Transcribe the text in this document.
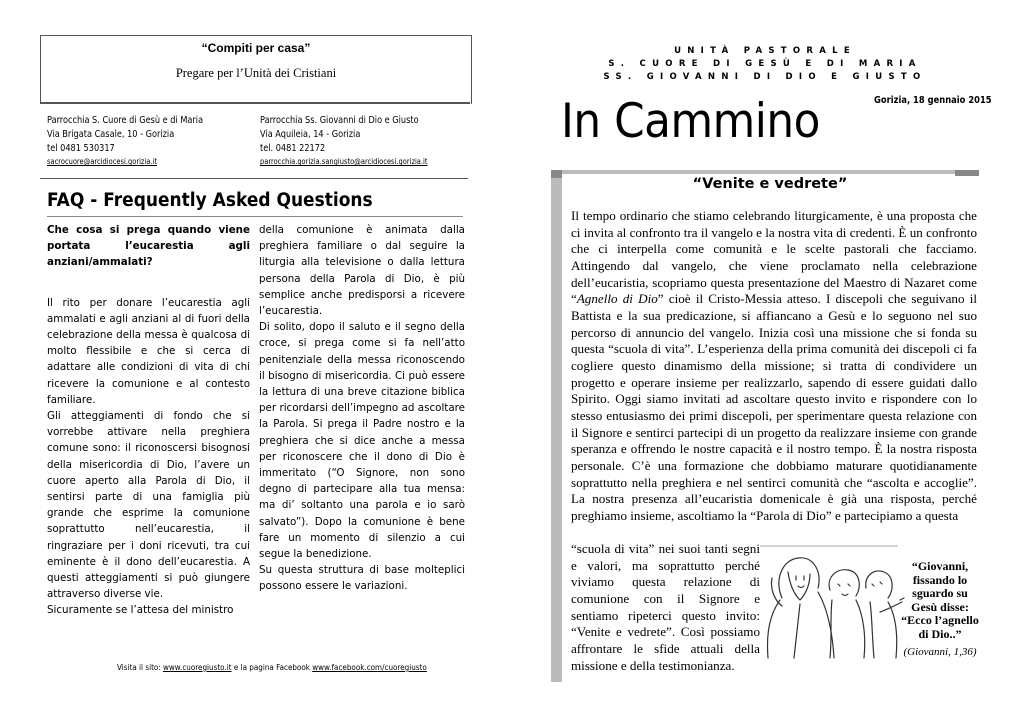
“Compiti per casa”
Pregare per l’Unità dei Cristiani
Parrocchia S. Cuore di Gesù e di Maria
Via Brigata Casale, 10 - Gorizia
tel 0481 530317
sacrocuore@arcidiocesi.gorizia.it
Parrocchia Ss. Giovanni di Dio e Giusto
Via Aquileia, 14 - Gorizia
tel. 0481 22172
parrocchia.gorizia.sangiusto@arcidiocesi.gorizia.it
FAQ - Frequently Asked Questions

Che cosa si prega quando viene portata l’eucarestia agli anziani/ammalati?

Il rito per donare l’eucarestia agli ammalati e agli anziani al di fuori della celebrazione della messa è qualcosa di molto flessibile e che si cerca di adattare alle condizioni di vita di chi ricevere la comunione e al contesto familiare.

Gli atteggiamenti di fondo che si vorrebbe attivare nella preghiera comune sono: il riconoscersi bisognosi della misericordia di Dio, l’avere un cuore aperto alla Parola di Dio, il sentirsi parte di una famiglia più grande che esprime la comunione soprattutto nell’eucarestia, il ringraziare per i doni ricevuti, tra cui eminente è il dono dell’eucarestia. A questi atteggiamenti si può giungere attraverso diverse vie.

Sicuramente se l’attesa del ministro

della comunione è animata dalla preghiera familiare o dal seguire la liturgia alla televisione o dalla lettura persona della Parola di Dio, è più semplice anche predisporsi a ricevere l’eucarestia.

Di solito, dopo il saluto e il segno della croce, si prega come si fa nell’atto penitenziale della messa riconoscendo il bisogno di misericordia. Ci può essere la lettura di una breve citazione biblica per ricordarsi dell’impegno ad ascoltare la Parola. Si prega il Padre nostro e la preghiera che si dice anche a messa per riconoscere che il dono di Dio è immeritato (“O Signore, non sono degno di partecipare alla tua mensa: ma di’ soltanto una parola e io sarò salvato”). Dopo la comunione è bene fare un momento di silenzio a cui segue la benedizione.

Su questa struttura di base molteplici possono essere le variazioni.

Visita il sito: www.cuoregiusto.it e la pagina Facebook www.facebook.com/cuoregiusto
UNITÀ PASTORALE
S. CUORE DI GESÙ E DI MARIA
SS. GIOVANNI DI DIO E GIUSTO
In Cammino	Gorizia, 18 gennaio 2015
“Venite e vedrete”
Il tempo ordinario che stiamo celebrando liturgicamente, è una proposta che ci invita al confronto tra il vangelo e la nostra vita di credenti. È un confronto che ci interpella come comunità e le scelte pastorali che facciamo. Attingendo dal vangelo, che viene proclamato nella celebrazione dell’eucaristia, scopriamo questa presentazione del Maestro di Nazaret come “Agnello di Dio” cioè il Cristo-Messia atteso. I discepoli che seguivano il Battista e la sua predicazione, si affiancano a Gesù e lo seguono nel suo percorso di annuncio del vangelo. Inizia così una missione che si fonda su questa “scuola di vita”. L’esperienza della prima comunità dei discepoli ci fa cogliere questo dinamismo della missione; si tratta di condividere un progetto e operare insieme per realizzarlo, sapendo di essere guidati dallo Spirito. Oggi siamo invitati ad ascoltare questo invito e rispondere con lo stesso entusiasmo dei primi discepoli, per sperimentare questa relazione con il Signore e sentirci partecipi di un progetto da realizzare insieme con grande speranza e offrendo le nostre capacità e il nostro tempo. È la nostra risposta personale. C’è una formazione che dobbiamo maturare quotidianamente soprattutto nella preghiera e nel sentirci comunità che “ascolta e accoglie”. La nostra presenza all’eucaristia domenicale è già una risposta, perché preghiamo insieme, ascoltiamo la “Parola di Dio” e partecipiamo a questa
“scuola di vita” nei suoi tanti segni e valori, ma soprattutto perché viviamo questa relazione di comunione con il Signore e sentiamo ripeterci questo invito: “Venite e vedrete”. Così possiamo affrontare le sfide attuali della missione e della testimonianza.
“Giovanni, fissando lo sguardo su Gesù disse: “Ecco l’agnello di Dio..”
(Giovanni, 1,36)
